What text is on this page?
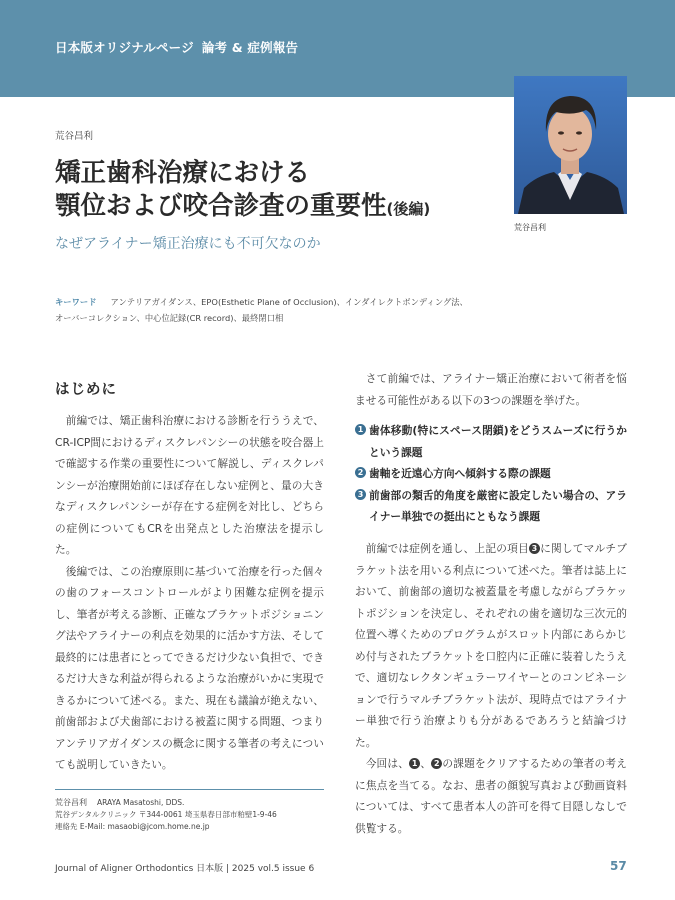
日本版オリジナルページ 論考 & 症例報告
荒谷昌利
荒谷昌利
矯正歯科治療における
顎位および咬合診査の重要性(後編)
なぜアライナー矯正治療にも不可欠なのか
キーワード アンテリアガイダンス、EPO(Esthetic Plane of Occlusion)、インダイレクトボンディング法、
オーバーコレクション、中心位記録(CR record)、最終閉口相
はじめに

前編では、矯正歯科治療における診断を行ううえで、CR-ICP間におけるディスクレパンシーの状態を咬合器上で確認する作業の重要性について解説し、ディスクレパンシーが治療開始前にほぼ存在しない症例と、量の大きなディスクレパンシーが存在する症例を対比し、どちらの症例についてもCRを出発点とした治療法を提示した。

後編では、この治療原則に基づいて治療を行った個々の歯のフォースコントロールがより困難な症例を提示し、筆者が考える診断、正確なブラケットポジショニング法やアライナーの利点を効果的に活かす方法、そして最終的には患者にとってできるだけ少ない負担で、できるだけ大きな利益が得られるような治療がいかに実現できるかについて述べる。また、現在も議論が絶えない、前歯部および犬歯部における被蓋に関する問題、つまりアンテリアガイダンスの概念に関する筆者の考えについても説明していきたい。

さて前編では、アライナー矯正治療において術者を悩ませる可能性がある以下の3つの課題を挙げた。

1 歯体移動(特にスペース閉鎖)をどうスムーズに行うかという課題
2 歯軸を近遠心方向へ傾斜する際の課題
3 前歯部の類舌的角度を厳密に設定したい場合の、アライナー単独での挺出にともなう課題

前編では症例を通し、上記の項目 3 に関してマルチブラケット法を用いる利点について述べた。筆者は誌上において、前歯部の適切な被蓋量を考慮しながらブラケットポジションを決定し、それぞれの歯を適切な三次元的位置へ導くためのプログラムがスロット内部にあらかじめ付与されたブラケットを口腔内に正確に装着したうえで、適切なレクタンギュラーワイヤーとのコンビネーションで行うマルチブラケット法が、現時点ではアライナー単独で行う治療よりも分があるであろうと結論づけた。

今回は、 1 、 2 の課題をクリアするための筆者の考えに焦点を当てる。なお、患者の顔貌写真および動画資料については、すべて患者本人の許可を得て目隠しなしで供覧する。

荒谷昌利 ARAYA Masatoshi, DDS.
荒谷デンタルクリニック 〒344-0061 埼玉県春日部市粕壁1-9-46
連絡先 E-Mail: masaobi@jcom.home.ne.jp
Journal of Aligner Orthodontics 日本版 | 2025 vol.5 issue 6	57
